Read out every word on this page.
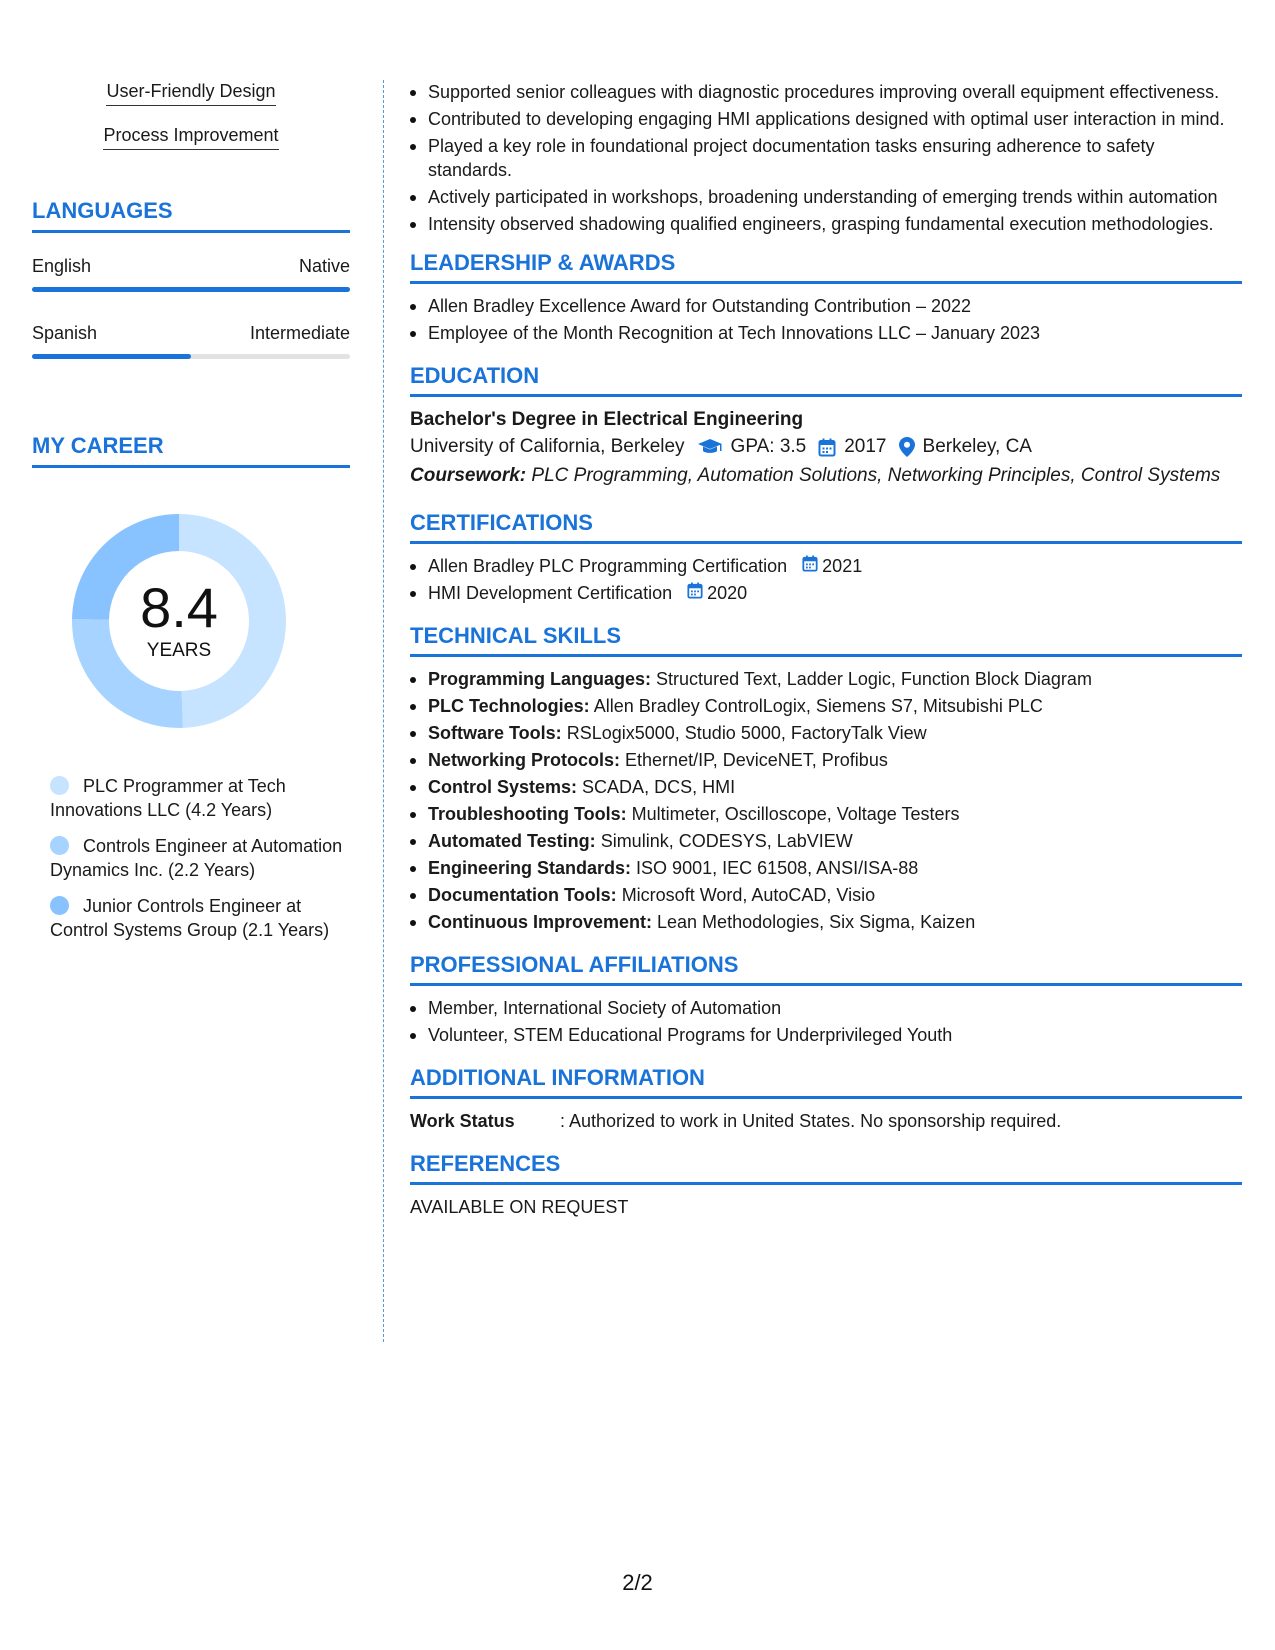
User-Friendly Design
Process Improvement
LANGUAGES
English	Native
Spanish	Intermediate
MY CAREER
8.4
YEARS
PLC Programmer at Tech Innovations LLC (4.2 Years)
Controls Engineer at Automation Dynamics Inc. (2.2 Years)
Junior Controls Engineer at Control Systems Group (2.1 Years)
Supported senior colleagues with diagnostic procedures improving overall equipment effectiveness.
Contributed to developing engaging HMI applications designed with optimal user interaction in mind.
Played a key role in foundational project documentation tasks ensuring adherence to safety standards.
Actively participated in workshops, broadening understanding of emerging trends within automation
Intensity observed shadowing qualified engineers, grasping fundamental execution methodologies.
LEADERSHIP & AWARDS
Allen Bradley Excellence Award for Outstanding Contribution – 2022
Employee of the Month Recognition at Tech Innovations LLC – January 2023
EDUCATION
Bachelor's Degree in Electrical Engineering
University of California, Berkeley GPA: 3.5 2017 Berkeley, CA
Coursework: PLC Programming, Automation Solutions, Networking Principles, Control Systems
CERTIFICATIONS
Allen Bradley PLC Programming Certification 2021
HMI Development Certification 2020
TECHNICAL SKILLS
Programming Languages: Structured Text, Ladder Logic, Function Block Diagram
PLC Technologies: Allen Bradley ControlLogix, Siemens S7, Mitsubishi PLC
Software Tools: RSLogix5000, Studio 5000, FactoryTalk View
Networking Protocols: Ethernet/IP, DeviceNET, Profibus
Control Systems: SCADA, DCS, HMI
Troubleshooting Tools: Multimeter, Oscilloscope, Voltage Testers
Automated Testing: Simulink, CODESYS, LabVIEW
Engineering Standards: ISO 9001, IEC 61508, ANSI/ISA-88
Documentation Tools: Microsoft Word, AutoCAD, Visio
Continuous Improvement: Lean Methodologies, Six Sigma, Kaizen
PROFESSIONAL AFFILIATIONS
Member, International Society of Automation
Volunteer, STEM Educational Programs for Underprivileged Youth
ADDITIONAL INFORMATION
Work Status	: Authorized to work in United States. No sponsorship required.
REFERENCES
AVAILABLE ON REQUEST
2/2
